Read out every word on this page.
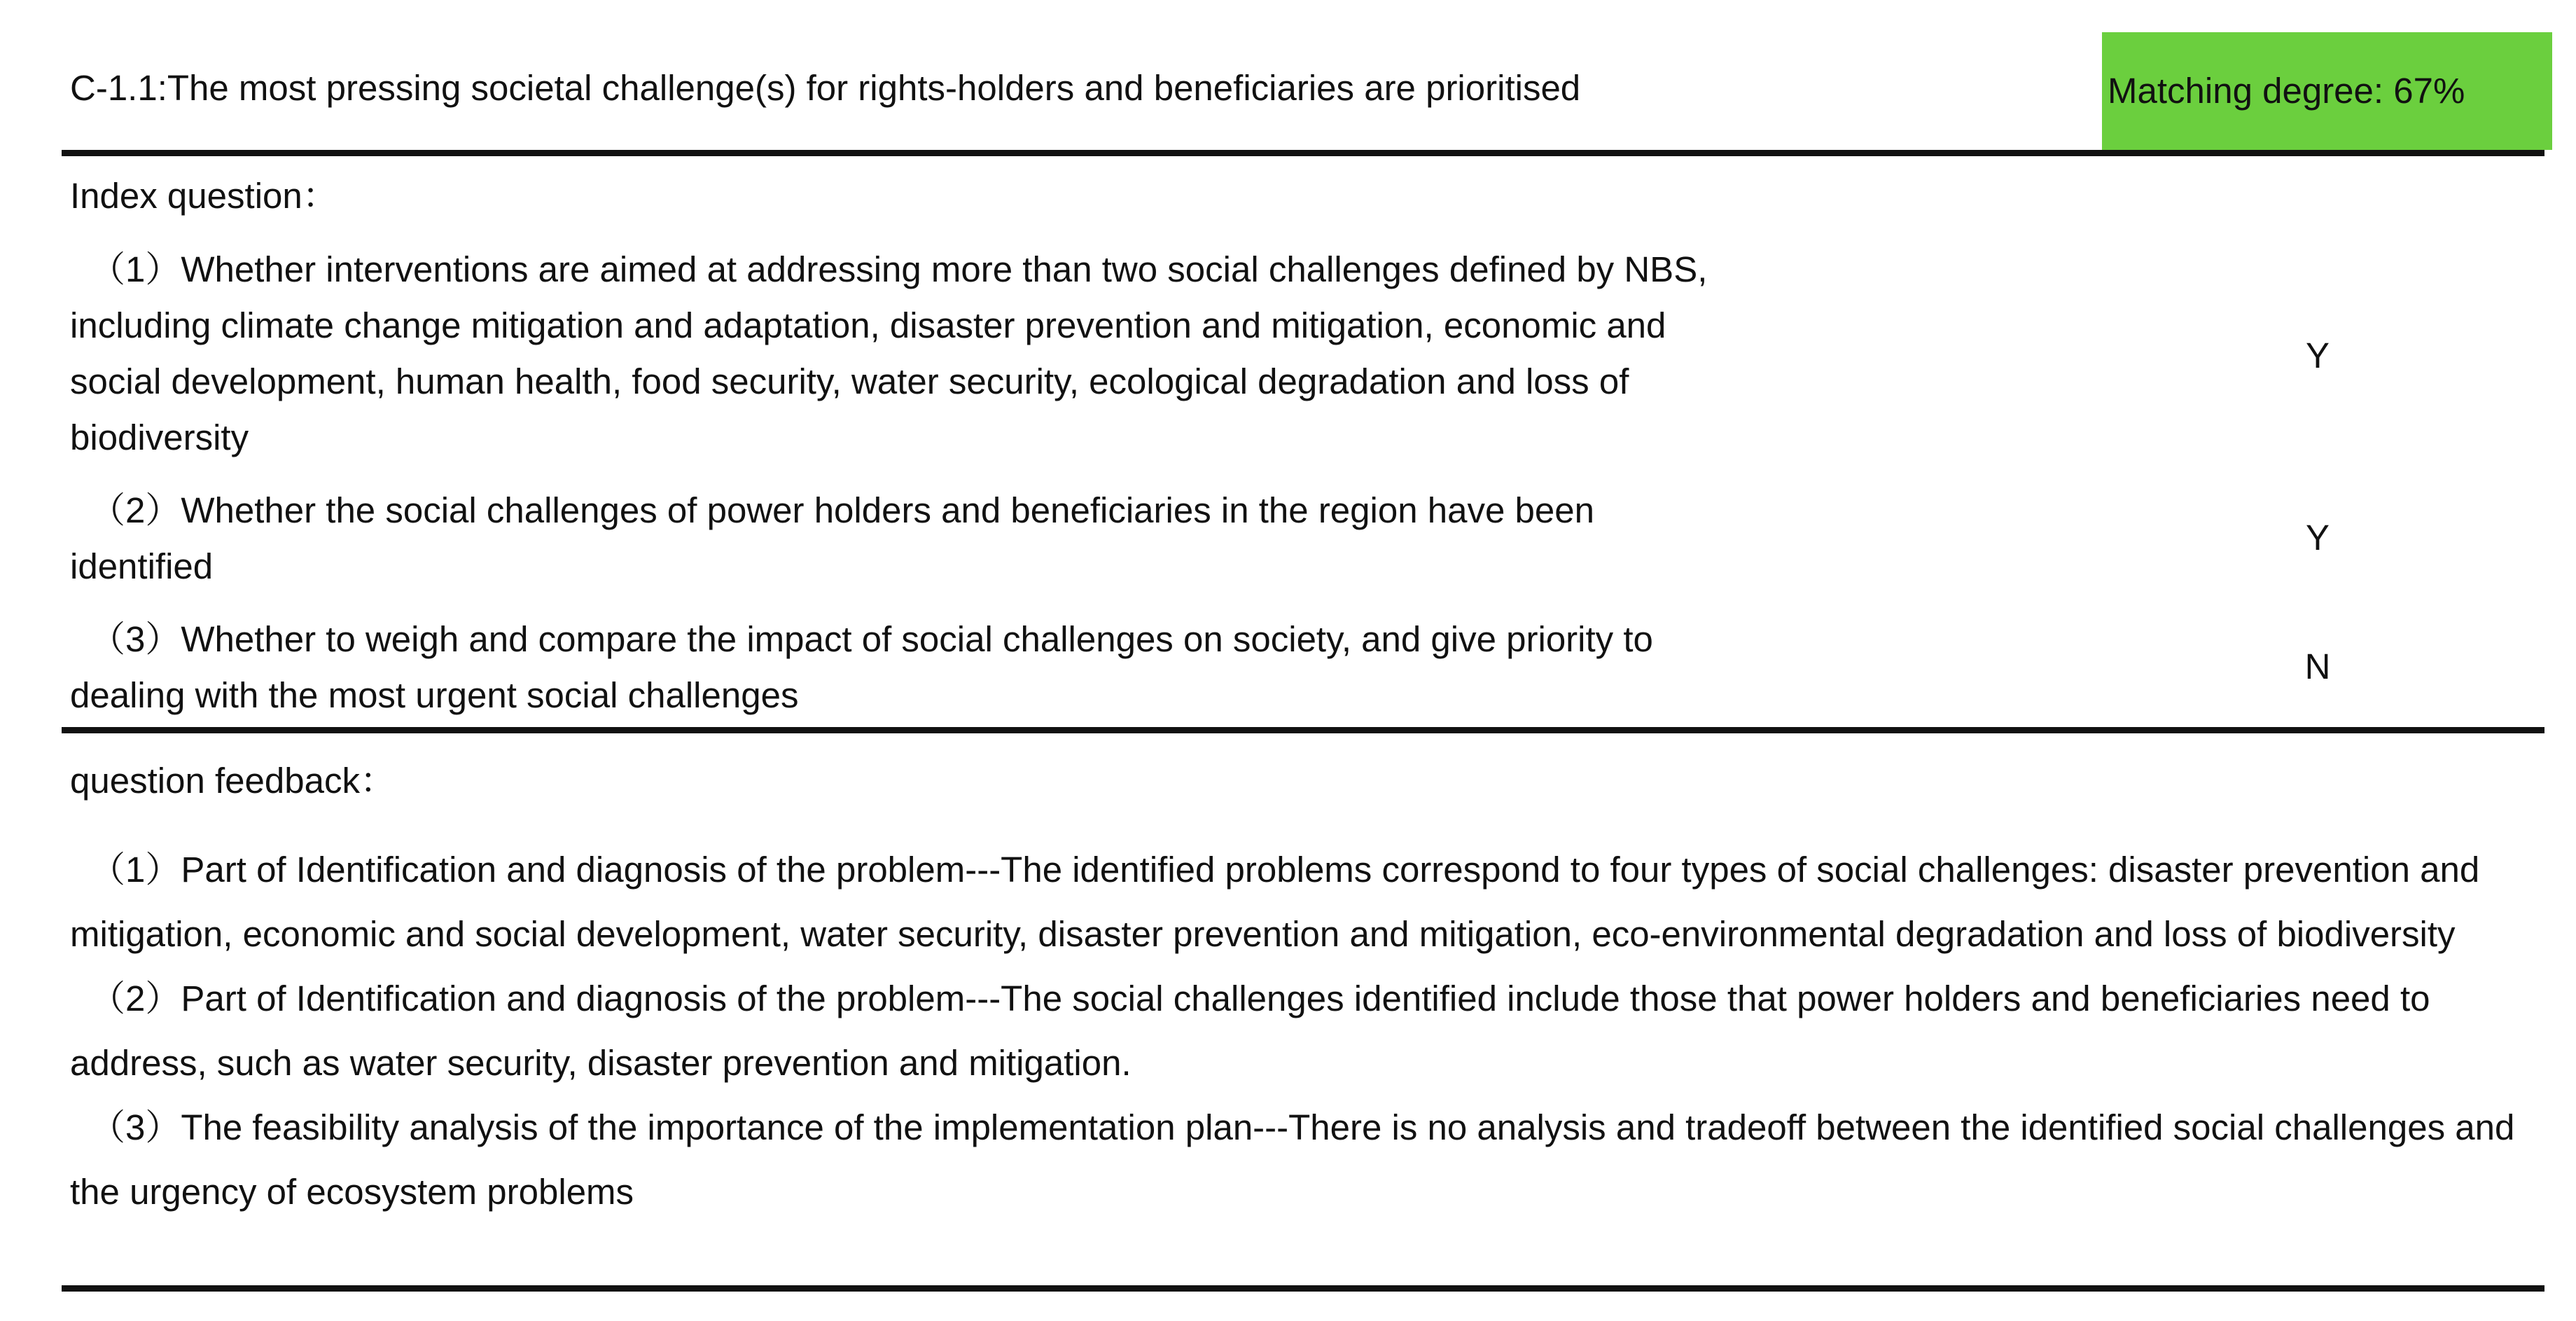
C-1.1:The most pressing societal challenge(s) for rights-holders and beneficiaries are prioritised	Matching degree: 67%
Index question：
（1）Whether interventions are aimed at addressing more than two social challenges defined by NBS, including climate change mitigation and adaptation, disaster prevention and mitigation, economic and social development, human health, food security, water security, ecological degradation and loss of biodiversity
Y
（2）Whether the social challenges of power holders and beneficiaries in the region have been identified
Y
（3）Whether to weigh and compare the impact of social challenges on society, and give priority to dealing with the most urgent social challenges
N
question feedback：
（1）Part of Identification and diagnosis of the problem---The identified problems correspond to four types of social challenges: disaster prevention and mitigation, economic and social development, water security, disaster prevention and mitigation, eco-environmental degradation and loss of biodiversity
（2）Part of Identification and diagnosis of the problem---The social challenges identified include those that power holders and beneficiaries need to address, such as water security, disaster prevention and mitigation.
（3）The feasibility analysis of the importance of the implementation plan---There is no analysis and tradeoff between the identified social challenges and the urgency of ecosystem problems
